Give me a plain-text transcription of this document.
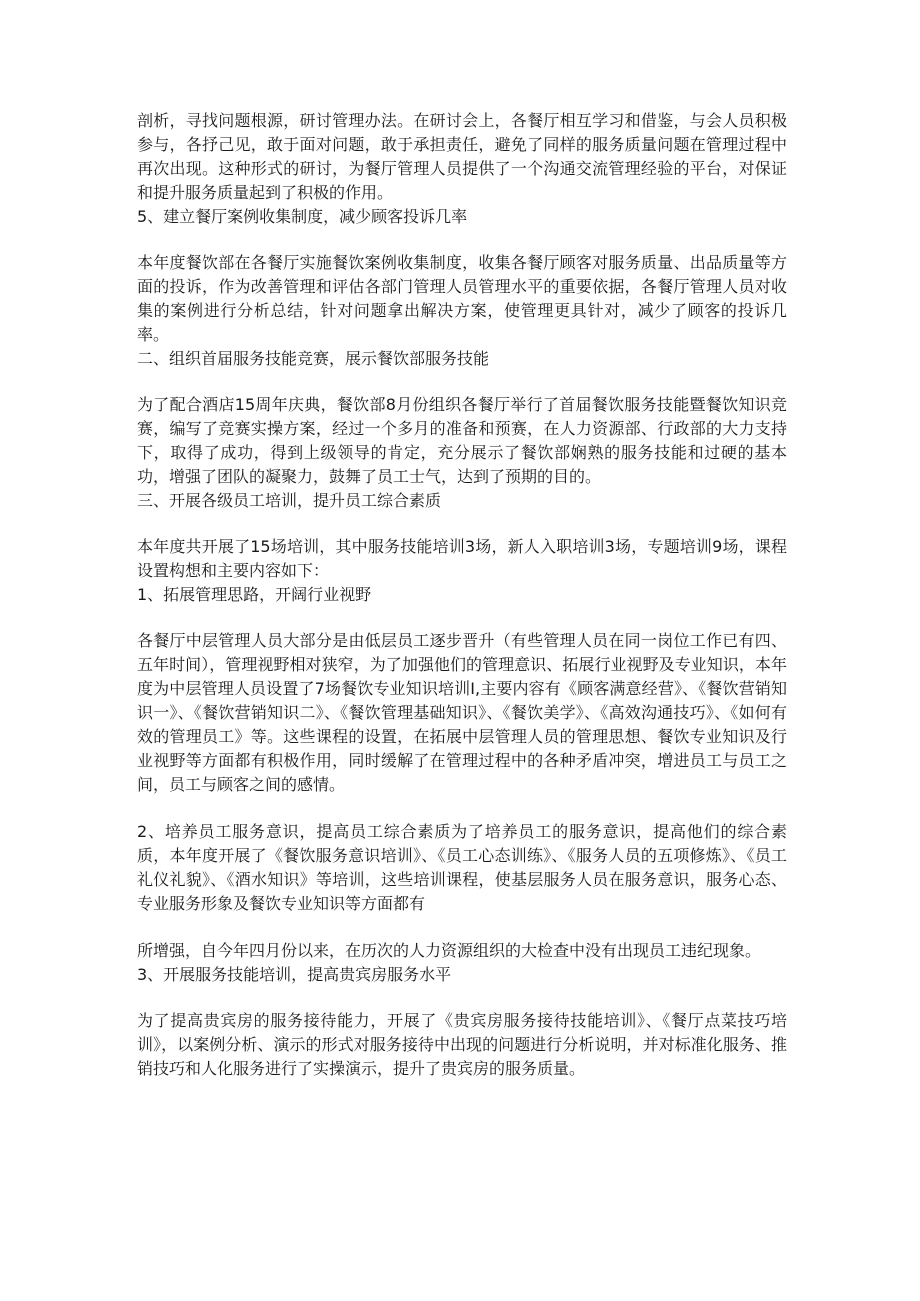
剖析，寻找问题根源，研讨管理办法。在研讨会上，各餐厅相互学习和借鉴，与会人员积极参与，各抒己见，敢于面对问题，敢于承担责任，避免了同样的服务质量问题在管理过程中再次出现。这种形式的研讨，为餐厅管理人员提供了一个沟通交流管理经验的平台，对保证和提升服务质量起到了积极的作用。

5、建立餐厅案例收集制度，减少顾客投诉几率

本年度餐饮部在各餐厅实施餐饮案例收集制度，收集各餐厅顾客对服务质量、出品质量等方面的投诉，作为改善管理和评估各部门管理人员管理水平的重要依据，各餐厅管理人员对收集的案例进行分析总结，针对问题拿出解决方案，使管理更具针对，减少了顾客的投诉几率。

二、组织首届服务技能竞赛，展示餐饮部服务技能

为了配合酒店15周年庆典，餐饮部8月份组织各餐厅举行了首届餐饮服务技能暨餐饮知识竞赛，编写了竞赛实操方案，经过一个多月的准备和预赛，在人力资源部、行政部的大力支持下，取得了成功，得到上级领导的肯定，充分展示了餐饮部娴熟的服务技能和过硬的基本功，增强了团队的凝聚力，鼓舞了员工士气，达到了预期的目的。

三、开展各级员工培训，提升员工综合素质

本年度共开展了15场培训，其中服务技能培训3场，新人入职培训3场，专题培训9场，课程设置构想和主要内容如下：

1、拓展管理思路，开阔行业视野

各餐厅中层管理人员大部分是由低层员工逐步晋升（有些管理人员在同一岗位工作已有四、五年时间），管理视野相对狭窄，为了加强他们的管理意识、拓展行业视野及专业知识，本年度为中层管理人员设置了7场餐饮专业知识培训I,主要内容有《顾客满意经营》、《餐饮营销知识一》、《餐饮营销知识二》、《餐饮管理基础知识》、《餐饮美学》、《高效沟通技巧》、《如何有效的管理员工》等。这些课程的设置，在拓展中层管理人员的管理思想、餐饮专业知识及行业视野等方面都有积极作用，同时缓解了在管理过程中的各种矛盾冲突，增进员工与员工之间，员工与顾客之间的感情。

2、培养员工服务意识，提高员工综合素质为了培养员工的服务意识，提高他们的综合素质，本年度开展了《餐饮服务意识培训》、《员工心态训练》、《服务人员的五项修炼》、《员工礼仪礼貌》、《酒水知识》等培训，这些培训课程，使基层服务人员在服务意识，服务心态、专业服务形象及餐饮专业知识等方面都有

所增强，自今年四月份以来，在历次的人力资源组织的大检查中没有出现员工违纪现象。

3、开展服务技能培训，提高贵宾房服务水平

为了提高贵宾房的服务接待能力，开展了《贵宾房服务接待技能培训》、《餐厅点菜技巧培训》，以案例分析、演示的形式对服务接待中出现的问题进行分析说明，并对标准化服务、推销技巧和人化服务进行了实操演示，提升了贵宾房的服务质量。
